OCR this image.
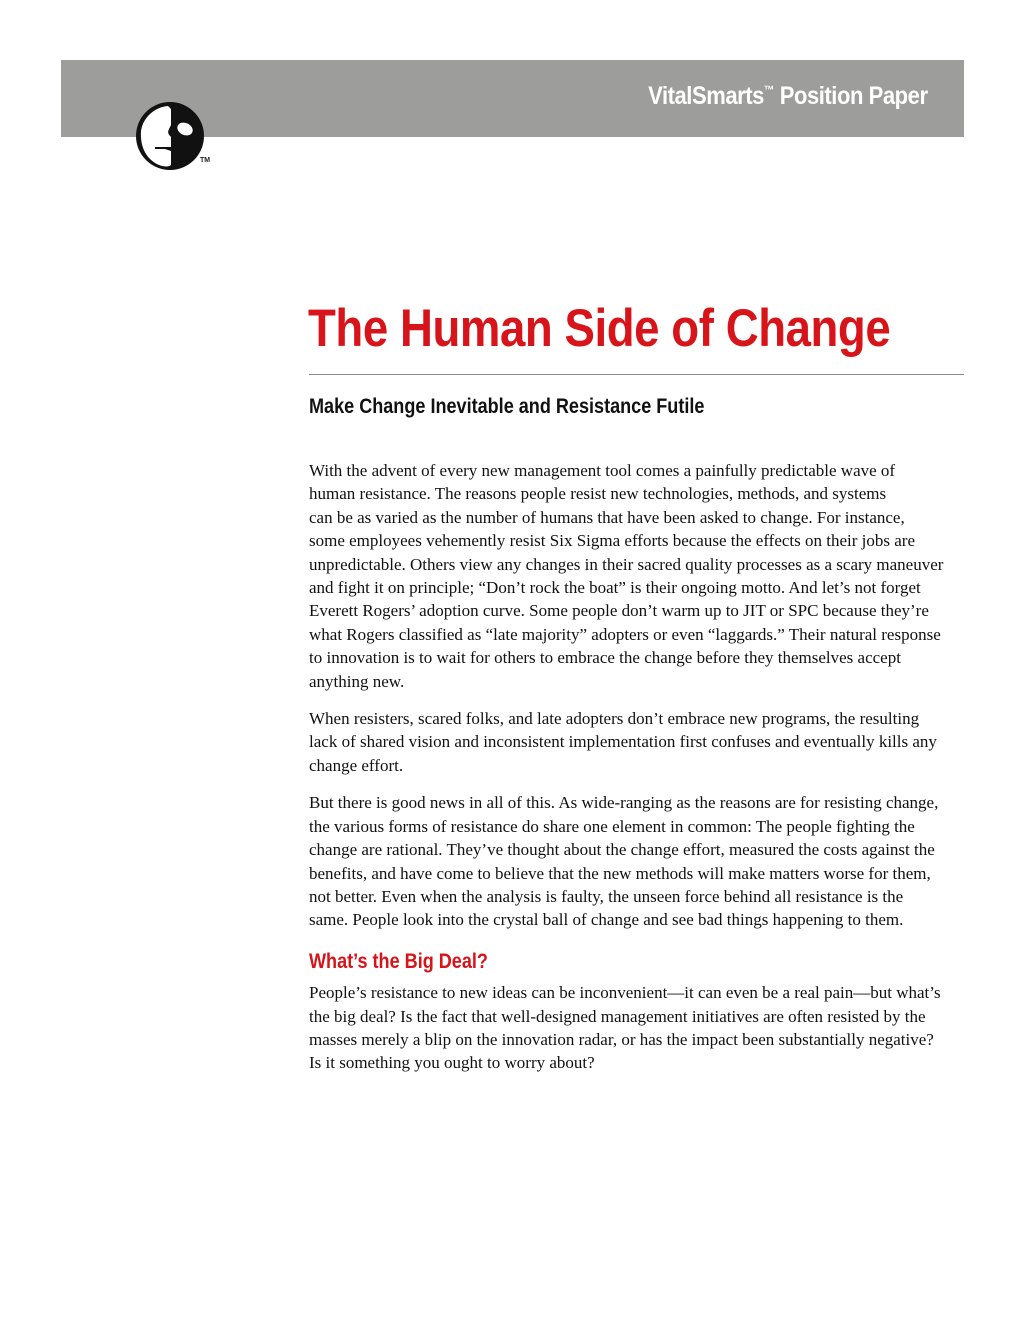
VitalSmarts™ Position Paper
TM
The Human Side of Change
Make Change Inevitable and Resistance Futile

With the advent of every new management tool comes a painfully predictable wave of
human resistance. The reasons people resist new technologies, methods, and systems
can be as varied as the number of humans that have been asked to change. For instance,
some employees vehemently resist Six Sigma efforts because the effects on their jobs are
unpredictable. Others view any changes in their sacred quality processes as a scary maneuver
and fight it on principle; “Don’t rock the boat” is their ongoing motto. And let’s not forget
Everett Rogers’ adoption curve. Some people don’t warm up to JIT or SPC because they’re
what Rogers classified as “late majority” adopters or even “laggards.” Their natural response
to innovation is to wait for others to embrace the change before they themselves accept
anything new.

When resisters, scared folks, and late adopters don’t embrace new programs, the resulting
lack of shared vision and inconsistent implementation first confuses and eventually kills any
change effort.

But there is good news in all of this. As wide-ranging as the reasons are for resisting change,
the various forms of resistance do share one element in common: The people fighting the
change are rational. They’ve thought about the change effort, measured the costs against the
benefits, and have come to believe that the new methods will make matters worse for them,
not better. Even when the analysis is faulty, the unseen force behind all resistance is the
same. People look into the crystal ball of change and see bad things happening to them.

What’s the Big Deal?

People’s resistance to new ideas can be inconvenient—it can even be a real pain—but what’s
the big deal? Is the fact that well-designed management initiatives are often resisted by the
masses merely a blip on the innovation radar, or has the impact been substantially negative?
Is it something you ought to worry about?
